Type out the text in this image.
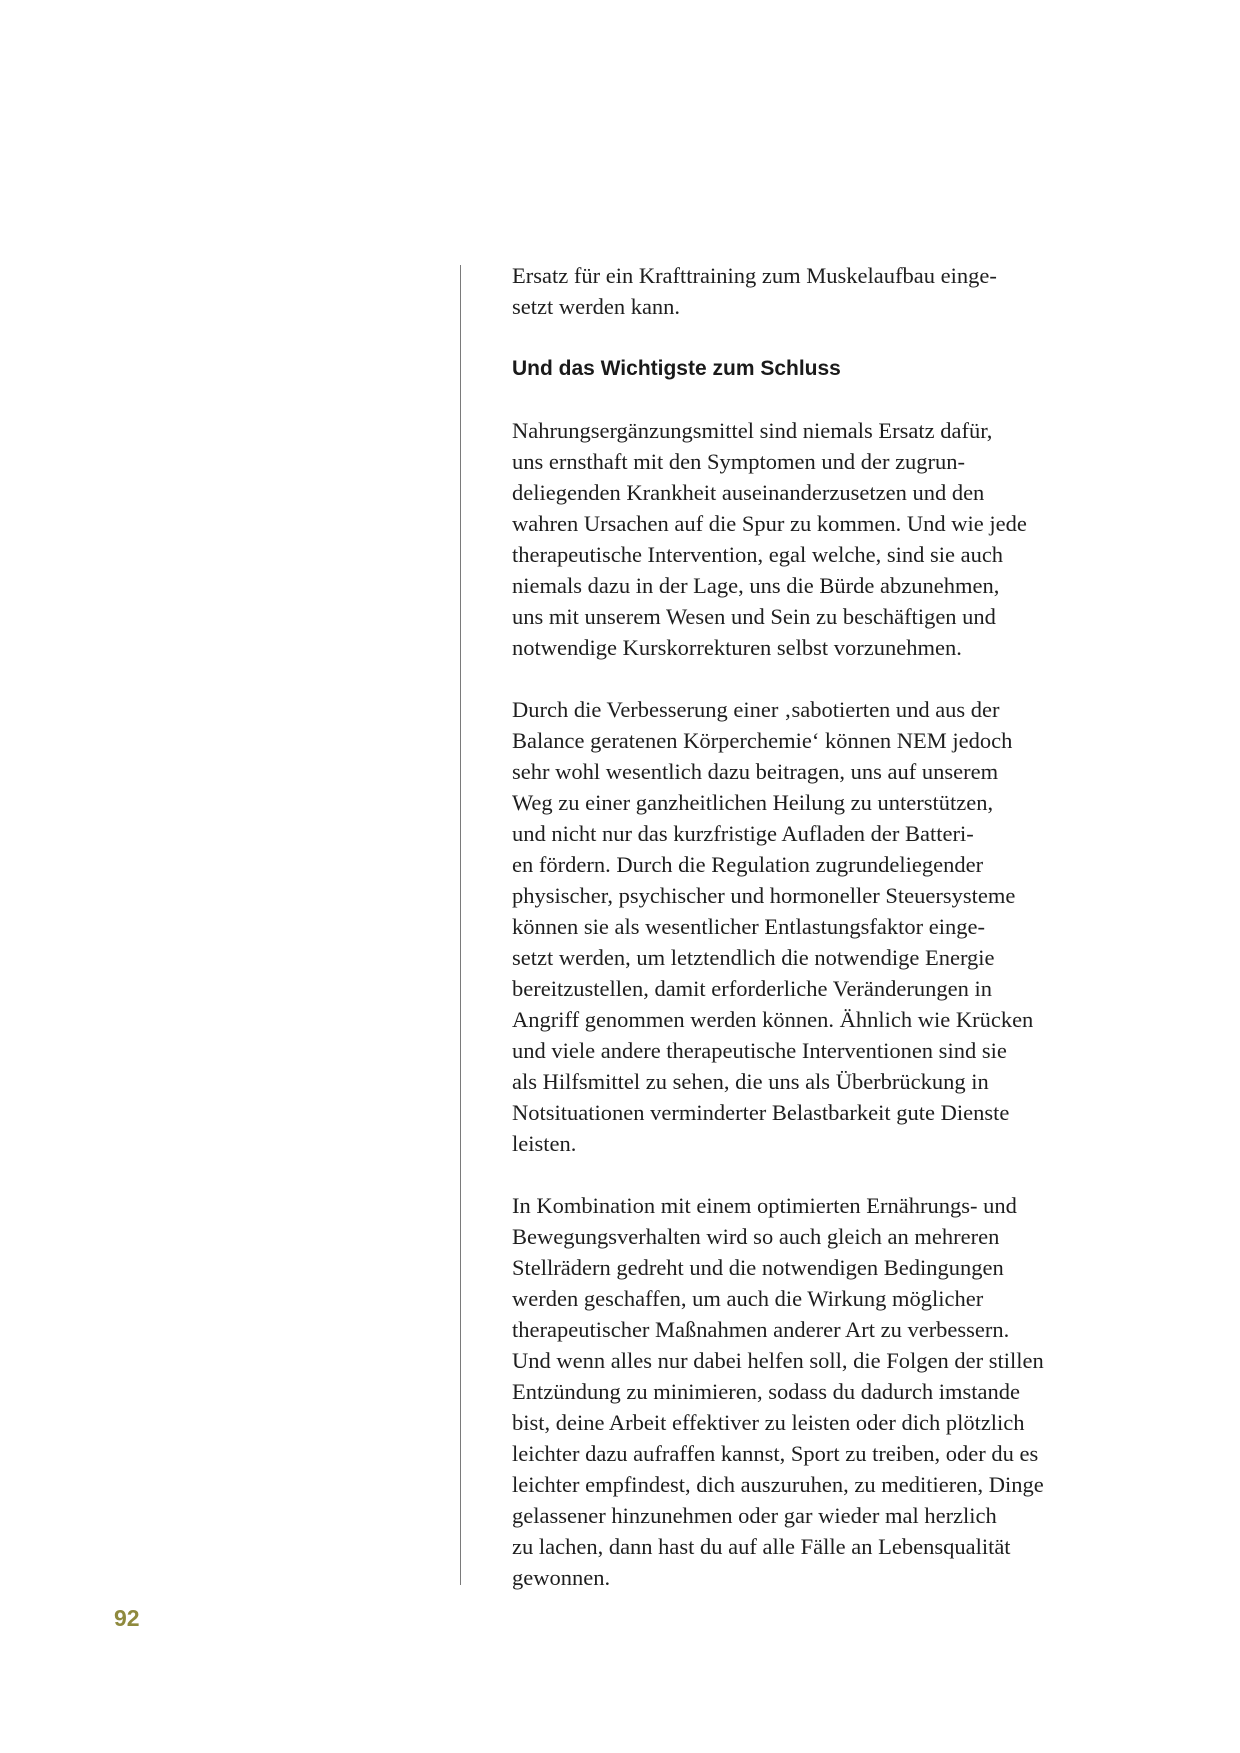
Ersatz für ein Krafttraining zum Muskelaufbau einge-
setzt werden kann.
Und das Wichtigste zum Schluss
Nahrungsergänzungsmittel sind niemals Ersatz dafür,
uns ernsthaft mit den Symptomen und der zugrun-
deliegenden Krankheit auseinanderzusetzen und den
wahren Ursachen auf die Spur zu kommen. Und wie jede
therapeutische Intervention, egal welche, sind sie auch
niemals dazu in der Lage, uns die Bürde abzunehmen,
uns mit unserem Wesen und Sein zu beschäftigen und
notwendige Kurskorrekturen selbst vorzunehmen.
Durch die Verbesserung einer ‚sabotierten und aus der
Balance geratenen Körperchemie‘ können NEM jedoch
sehr wohl wesentlich dazu beitragen, uns auf unserem
Weg zu einer ganzheitlichen Heilung zu unterstützen,
und nicht nur das kurzfristige Aufladen der Batteri-
en fördern. Durch die Regulation zugrundeliegender
physischer, psychischer und hormoneller Steuersysteme
können sie als wesentlicher Entlastungsfaktor einge-
setzt werden, um letztendlich die notwendige Energie
bereitzustellen, damit erforderliche Veränderungen in
Angriff genommen werden können. Ähnlich wie Krücken
und viele andere therapeutische Interventionen sind sie
als Hilfsmittel zu sehen, die uns als Überbrückung in
Notsituationen verminderter Belastbarkeit gute Dienste
leisten.
In Kombination mit einem optimierten Ernährungs- und
Bewegungsverhalten wird so auch gleich an mehreren
Stellrädern gedreht und die notwendigen Bedingungen
werden geschaffen, um auch die Wirkung möglicher
therapeutischer Maßnahmen anderer Art zu verbessern.
Und wenn alles nur dabei helfen soll, die Folgen der stillen
Entzündung zu minimieren, sodass du dadurch imstande
bist, deine Arbeit effektiver zu leisten oder dich plötzlich
leichter dazu aufraffen kannst, Sport zu treiben, oder du es
leichter empfindest, dich auszuruhen, zu meditieren, Dinge
gelassener hinzunehmen oder gar wieder mal herzlich
zu lachen, dann hast du auf alle Fälle an Lebensqualität
gewonnen.
92
